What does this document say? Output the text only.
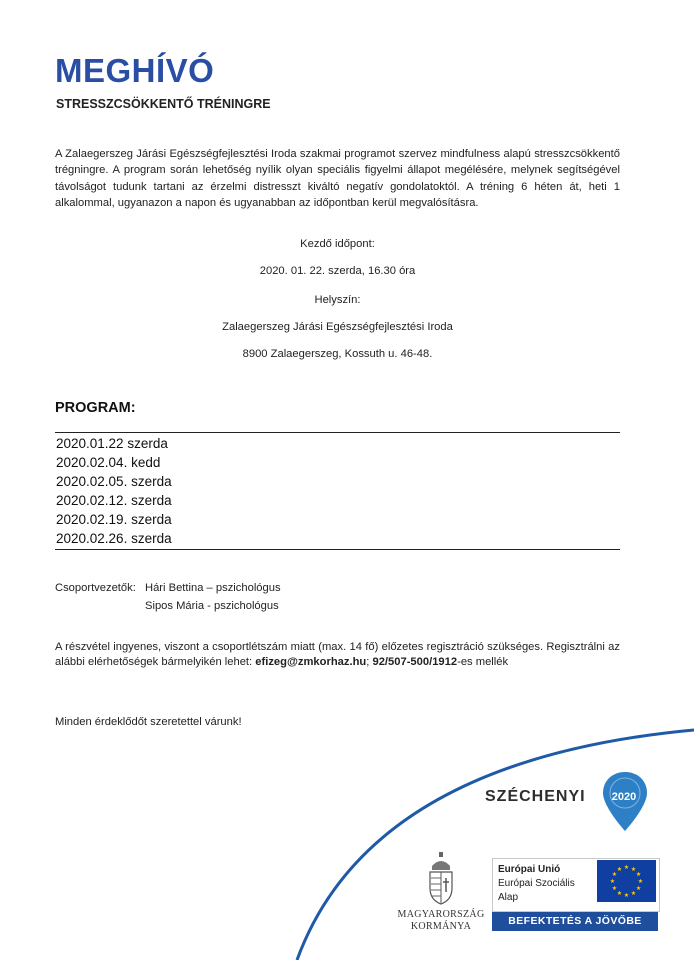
MEGHÍVÓ
STRESSZCSÖKKENTŐ TRÉNINGRE
A Zalaegerszeg Járási Egészségfejlesztési Iroda szakmai programot szervez mindfulness alapú stresszcsökkentő trégningre. A program során lehetőség nyílik olyan speciális figyelmi állapot megélésére, melynek segítségével távolságot tudunk tartani az érzelmi distresszt kiváltó negatív gondolatoktól. A tréning 6 héten át, heti 1 alkalommal, ugyanazon a napon és ugyanabban az időpontban kerül megvalósításra.
Kezdő időpont:
2020. 01. 22. szerda, 16.30 óra
Helyszín:
Zalaegerszeg Járási Egészségfejlesztési Iroda
8900 Zalaegerszeg, Kossuth u. 46-48.
PROGRAM:
2020.01.22 szerda
2020.02.04. kedd
2020.02.05. szerda
2020.02.12. szerda
2020.02.19. szerda
2020.02.26. szerda
Csoportvezetők: Hári Bettina – pszichológus
Sipos Mária - pszichológus
A részvétel ingyenes, viszont a csoportlétszám miatt (max. 14 fő) előzetes regisztráció szükséges. Regisztrálni az alábbi elérhetőségek bármelyikén lehet: efizeg@zmkorhaz.hu; 92/507-500/1912-es mellék
Minden érdeklődőt szeretettel várunk!
SZÉCHENYI	2020
MAGYARORSZÁG
KORMÁNYA
Európai Unió
Európai Szociális
Alap
★ ★
★
★
★
★
★
★
★
★
★
★
BEFEKTETÉS A JÖVŐBE
